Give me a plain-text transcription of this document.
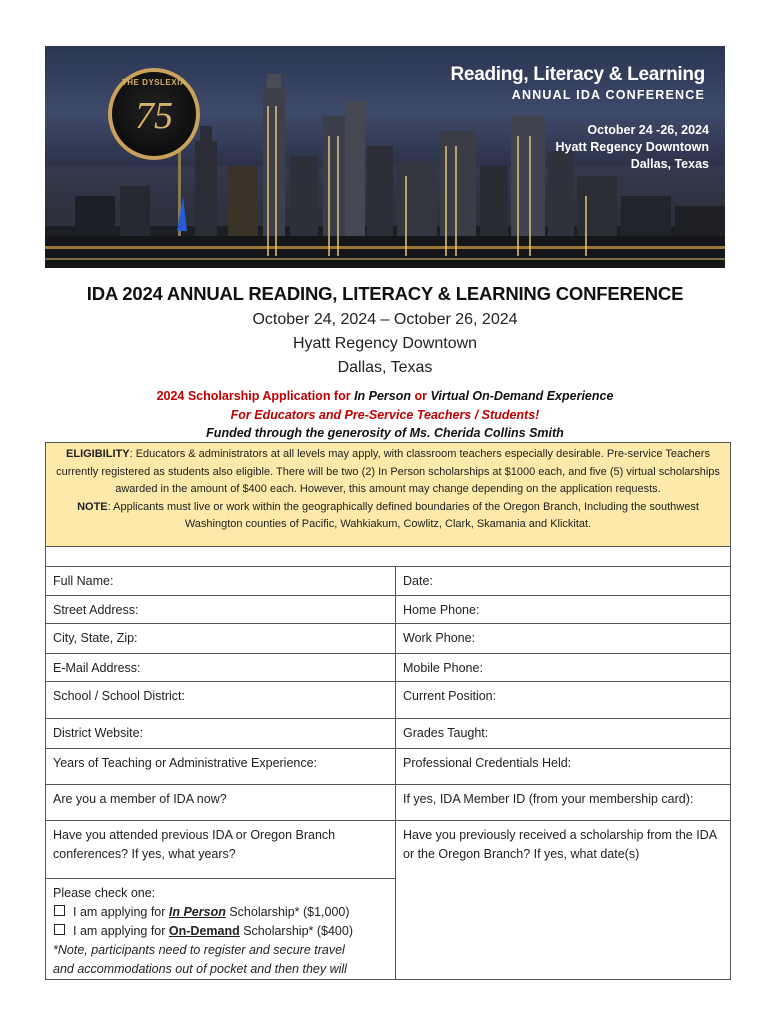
THE DYSLEXIA
75
Reading, Literacy & Learning
ANNUAL IDA CONFERENCE
October 24 -26, 2024
Hyatt Regency Downtown
Dallas, Texas
IDA 2024 ANNUAL READING, LITERACY & LEARNING CONFERENCE
October 24, 2024 – October 26, 2024
Hyatt Regency Downtown
Dallas, Texas
2024 Scholarship Application for In Person or Virtual On-Demand Experience
For Educators and Pre-Service Teachers / Students!
Funded through the generosity of Ms. Cherida Collins Smith
ELIGIBILITY: Educators & administrators at all levels may apply, with classroom teachers especially desirable. Pre-service Teachers currently registered as students also eligible. There will be two (2) In Person scholarships at $1000 each, and five (5) virtual scholarships awarded in the amount of $400 each. However, this amount may change depending on the application requests.
NOTE: Applicants must live or work within the geographically defined boundaries of the Oregon Branch, Including the southwest Washington counties of Pacific, Wahkiakum, Cowlitz, Clark, Skamania and Klickitat.
Full Name:	Date:
Street Address:	Home Phone:
City, State, Zip:	Work Phone:
E-Mail Address:	Mobile Phone:
School / School District:	Current Position:
District Website:	Grades Taught:
Years of Teaching or Administrative Experience:	Professional Credentials Held:
Are you a member of IDA now?	If yes, IDA Member ID (from your membership card):
Have you attended previous IDA or Oregon Branch conferences? If yes, what years?	Have you previously received a scholarship from the IDA or the Oregon Branch? If yes, what date(s)

Please check one:
I am applying for In Person Scholarship* ($1,000)
I am applying for On-Demand Scholarship* ($400)
*Note, participants need to register and secure travel
and accommodations out of pocket and then they will	
